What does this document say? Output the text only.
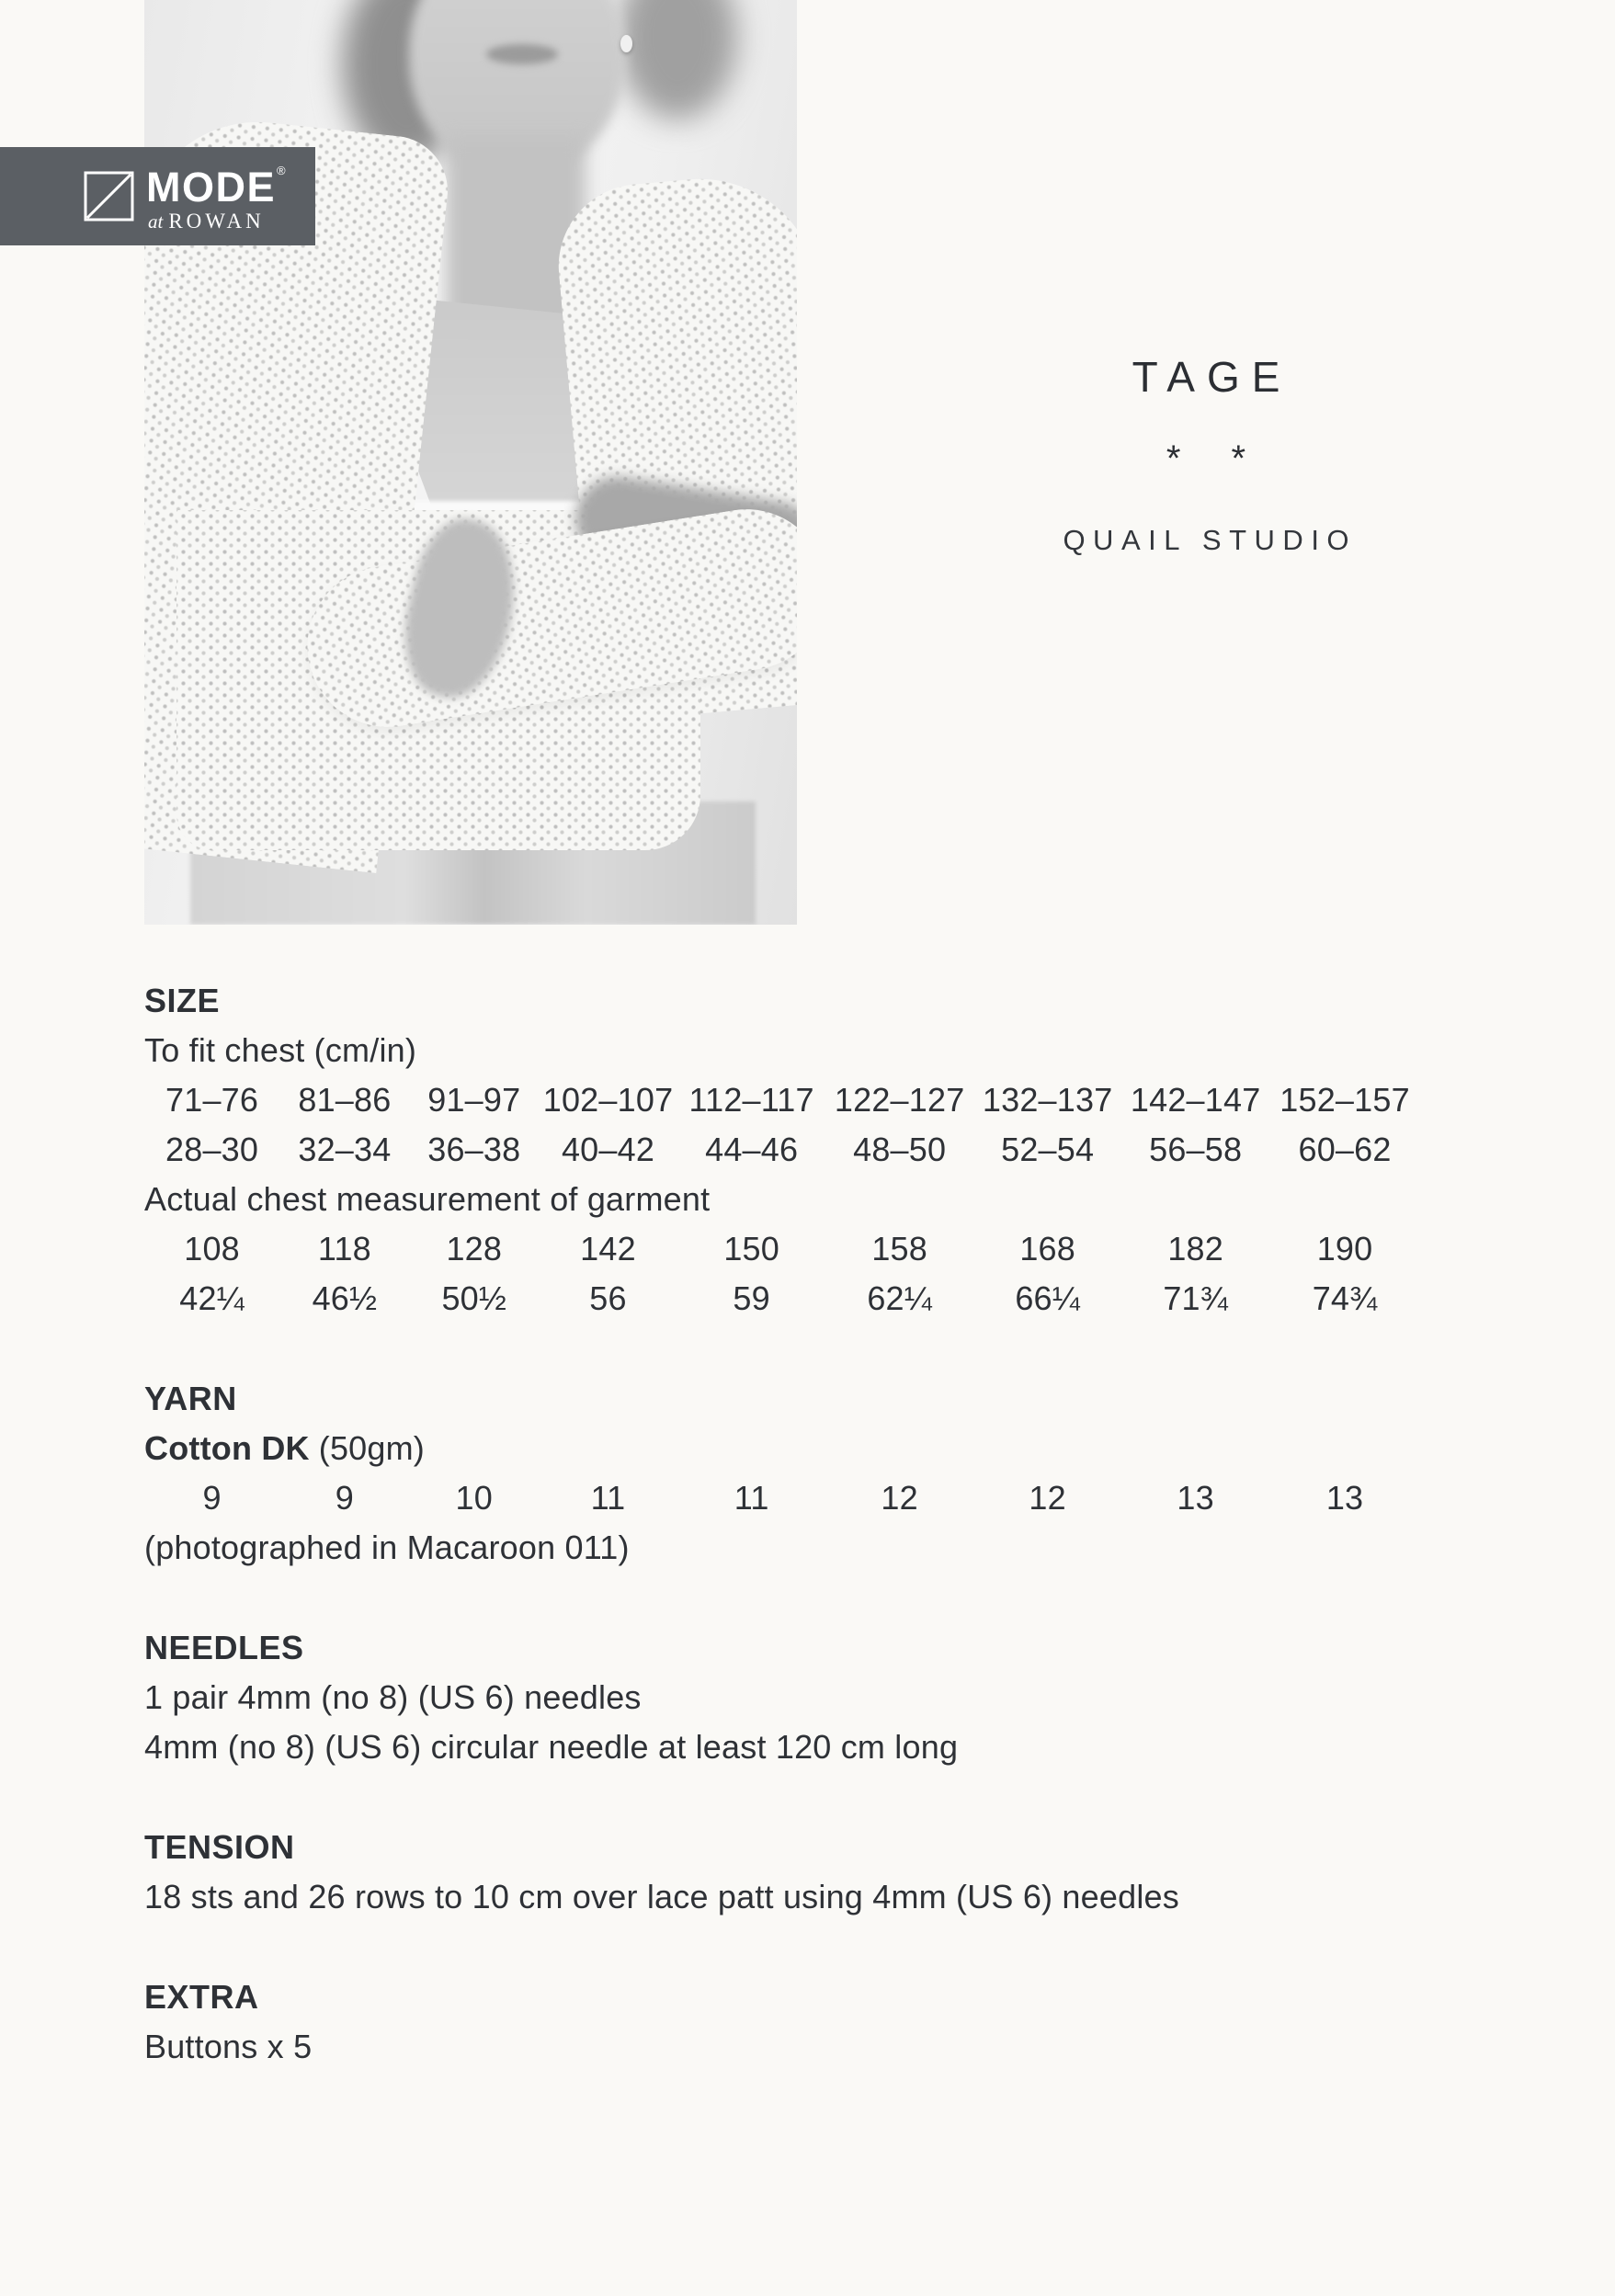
MODE®
at ROWAN
TAGE
* *
QUAIL STUDIO
SIZE
To fit chest (cm/in)
71–76	81–86	91–97 102–107 112–117 122–127 132–137 142–147 152–157
28–30	32–34	36–38	40–42	44–46	48–50	52–54	56–58	60–62
Actual chest measurement of garment
108	118	128	142	150	158	168	182	190
42¼	46½	50½	56	59	62¼	66¼	71¾	74¾
YARN
Cotton DK (50gm)
9	9	10	11	11	12	12	13	13
(photographed in Macaroon 011)
NEEDLES
1 pair 4mm (no 8) (US 6) needles
4mm (no 8) (US 6) circular needle at least 120 cm long
TENSION
18 sts and 26 rows to 10 cm over lace patt using 4mm (US 6) needles
EXTRA
Buttons x 5
